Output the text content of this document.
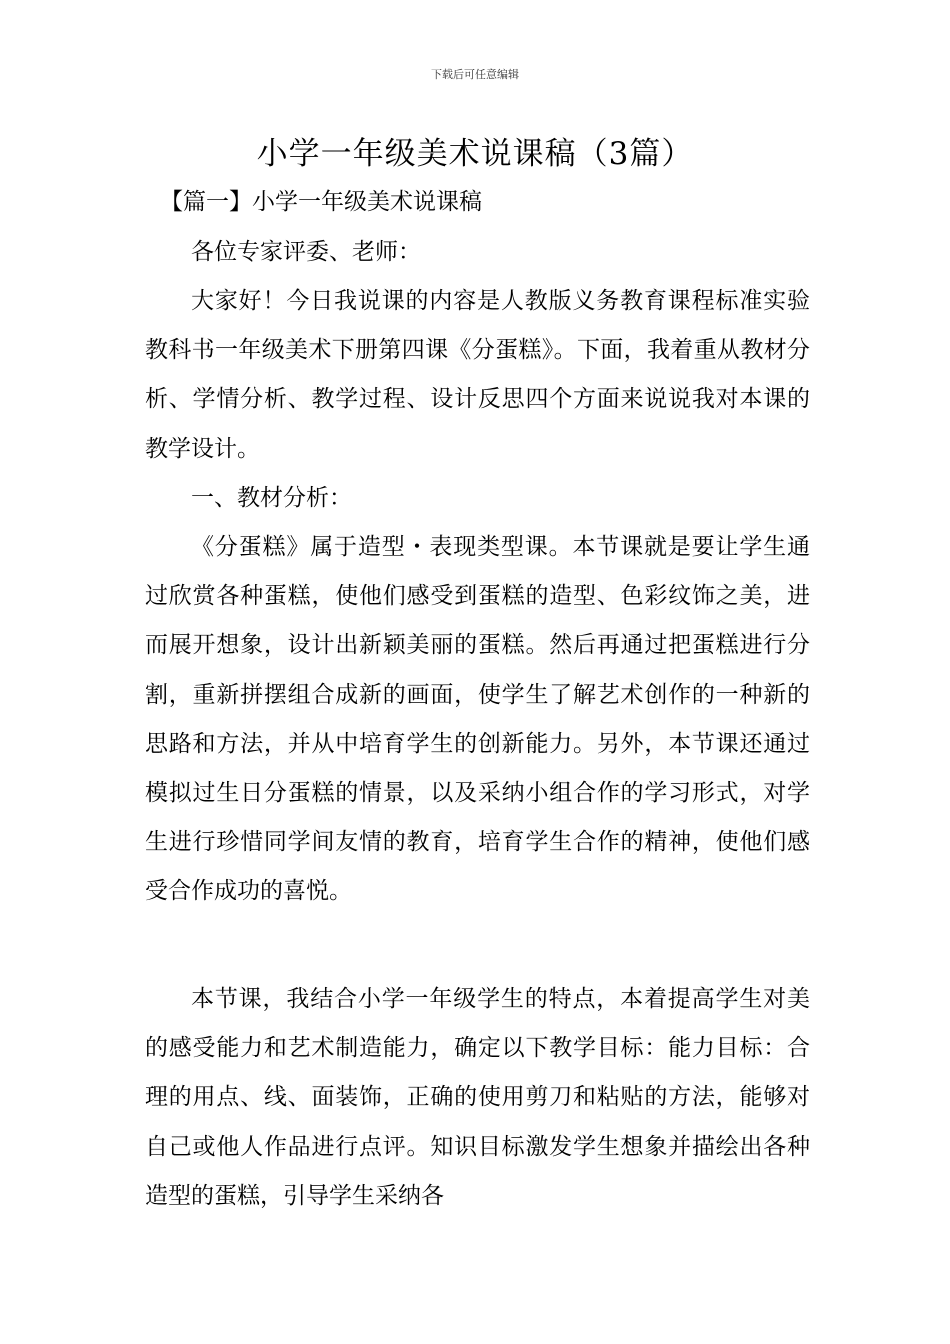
下载后可任意编辑
小学一年级美术说课稿（3篇）
【篇一】小学一年级美术说课稿

各位专家评委、老师：

大家好！今日我说课的内容是人教版义务教育课程标准实验教科书一年级美术下册第四课《分蛋糕》。下面，我着重从教材分析、学情分析、教学过程、设计反思四个方面来说说我对本课的教学设计。

一、教材分析：

《分蛋糕》属于造型・表现类型课。本节课就是要让学生通过欣赏各种蛋糕，使他们感受到蛋糕的造型、色彩纹饰之美，进而展开想象，设计出新颖美丽的蛋糕。然后再通过把蛋糕进行分割，重新拼摆组合成新的画面，使学生了解艺术创作的一种新的思路和方法，并从中培育学生的创新能力。另外，本节课还通过模拟过生日分蛋糕的情景，以及采纳小组合作的学习形式，对学生进行珍惜同学间友情的教育，培育学生合作的精神，使他们感受合作成功的喜悦。

本节课，我结合小学一年级学生的特点，本着提高学生对美的感受能力和艺术制造能力，确定以下教学目标：能力目标：合理的用点、线、面装饰，正确的使用剪刀和粘贴的方法，能够对自己或他人作品进行点评。知识目标激发学生想象并描绘出各种造型的蛋糕，引导学生采纳各
